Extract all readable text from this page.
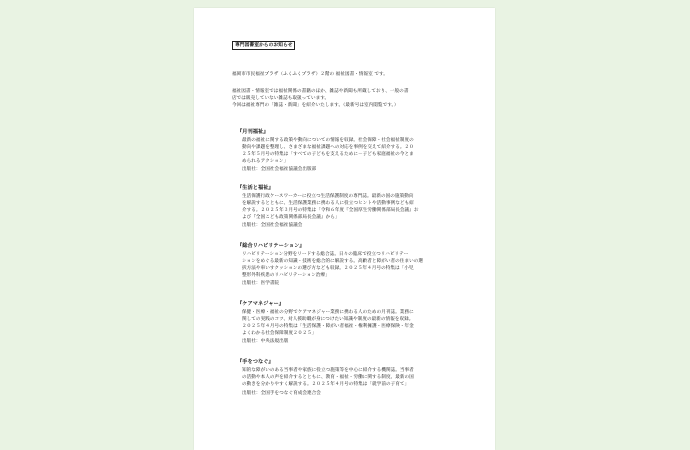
専門図書室からのお知らせ
福岡市市民福祉プラザ（ふくふくプラザ）２階の 福祉図書・情報室 です。
福祉図書・情報室では福祉関係の書籍のほか、雑誌や新聞も所蔵しており、一般の書
店では販売していない雑誌も取扱っています。
今回は福祉専門の「雑誌・新聞」を紹介いたします。（最新号は室内閲覧です。）
『月刊福祉』
最新の福祉に関する政策や動向についての情報を収録。社会保障・社会福祉制度の
動向や課題を整理し、さまざまな福祉課題への対応を事例を交えて紹介する。２０
２５年５月号の特集は「すべての子どもを支えるために－子ども家庭福祉の今とま
められるアクション」
出版社：全国社会福祉協議会出版部
『生活と福祉』
生活保護行政ケースワーカーに役立つ生活保護制度の専門誌。最新の国の施策動向
を解説するとともに、生活保護業務に携わる人に役立つヒントや活動事例なども紹
介する。２０２５年３月号の特集は「令和６年度『全国厚生労働関係部局長会議』お
よび『全国こども政策関係部局長会議』から」
出版社：全国社会福祉協議会
『総合リハビリテーション』
リハビリテーション分野をリードする総合誌。日々の臨床で役立つリハビリテー
ションをめぐる最新の知識・技術を総合的に解説する。高齢者と障がい者の住まいの選
択方法や車いすクッションの選び方なども収録。２０２５年４月号の特集は「小児
整形外科疾患のリハビリテーション治療」
出版社：医学書院
『ケアマネジャー』
保健・医療・福祉の分野でケアマネジャー業務に携わる人のための月刊誌。業務に
関しての実践のコツ、対人援助職が身につけたい知識や制度の最新の情報を収録。
２０２５年４月号の特集は「生活保護・障がい者福祉・権利擁護・医療保険・年金
よくわかる社会保障制度２０２５」
出版社：中央法規出版
『手をつなぐ』
知的な障がいのある当事者や家族に役立つ施策等を中心に紹介する機関誌。当事者
の活動や本人の声を紹介するとともに、教育・福祉・労働に関する制度、最新の国
の動きを分かりやすく解説する。２０２５年４月号の特集は「就学前の子育て」
出版社：全国手をつなぐ育成会連合会
